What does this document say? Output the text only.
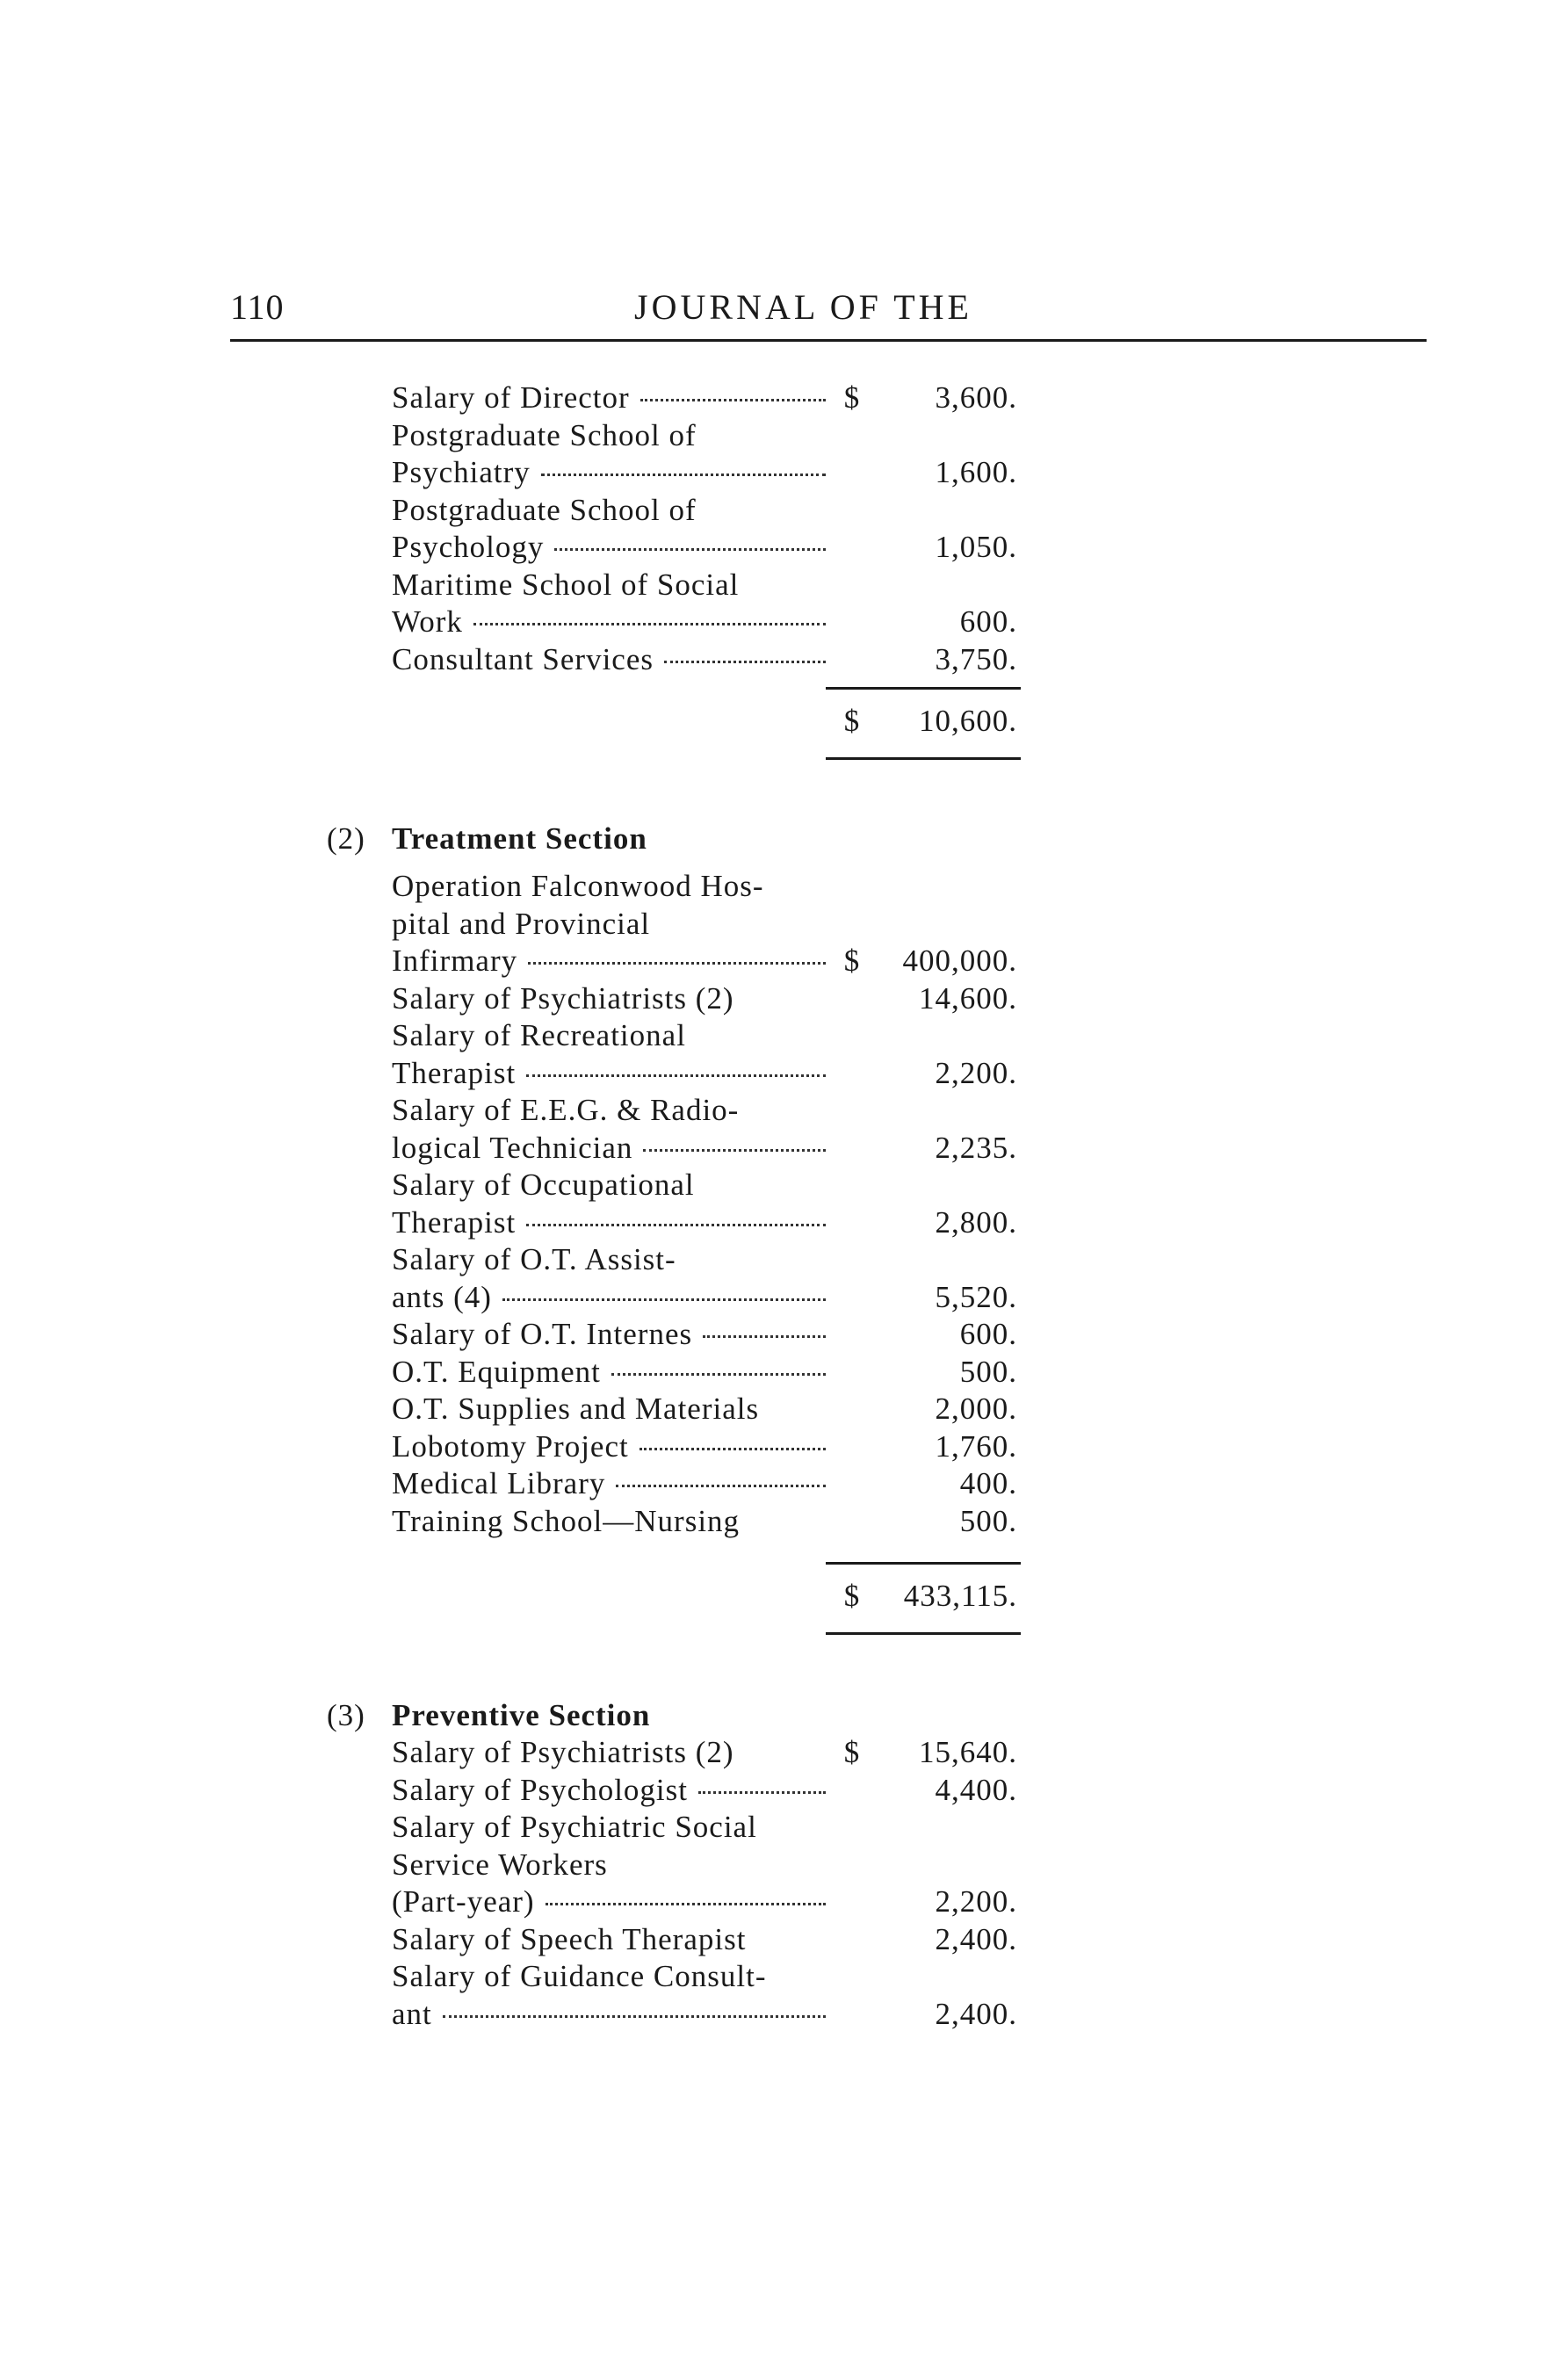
110	JOURNAL OF THE
Salary of Director	$	3,600.
Postgraduate School of
Psychiatry	1,600.
Postgraduate School of
Psychology	1,050.
Maritime School of Social
Work	600.
Consultant Services	3,750.
$	10,600.
(2) Treatment Section
Operation Falconwood Hos-
pital and Provincial
Infirmary	$	400,000.
Salary of Psychiatrists (2)	14,600.
Salary of Recreational
Therapist	2,200.
Salary of E.E.G. & Radio-
logical Technician	2,235.
Salary of Occupational
Therapist	2,800.
Salary of O.T. Assist-
ants (4)	5,520.
Salary of O.T. Internes	600.
O.T. Equipment	500.
O.T. Supplies and Materials	2,000.
Lobotomy Project	1,760.
Medical Library	400.
Training School—Nursing	500.
$	433,115.
(3) Preventive Section
Salary of Psychiatrists (2)	$	15,640.
Salary of Psychologist	4,400.
Salary of Psychiatric Social
Service Workers
(Part-year)	2,200.
Salary of Speech Therapist	2,400.
Salary of Guidance Consult-
ant	2,400.
